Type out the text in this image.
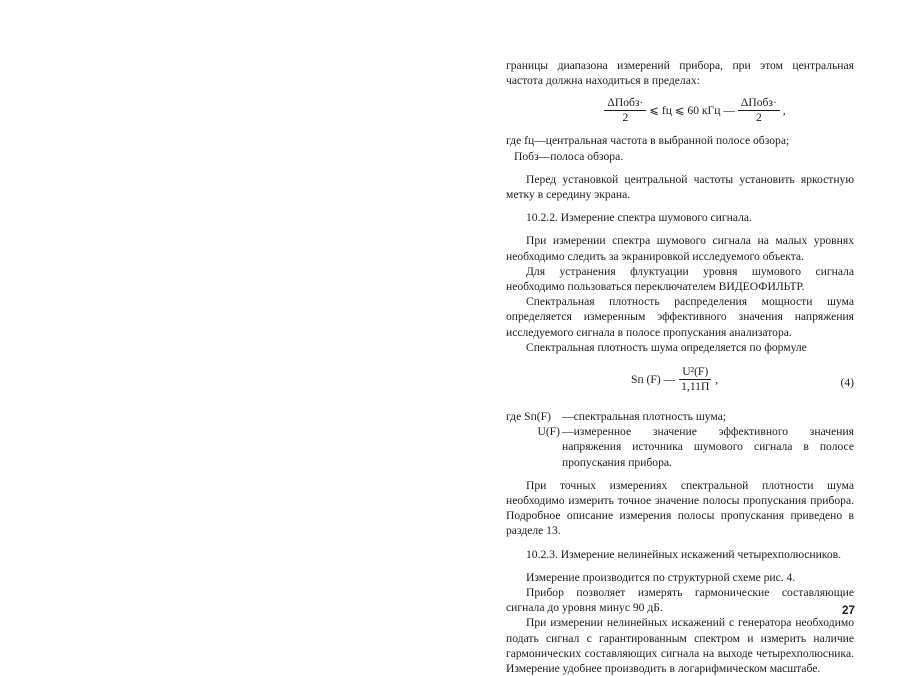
границы диапазона измерений прибора, при этом центральная частота должна находиться в пределах:

$\frac{\text{ΔПобз·}}{2}$ ⩽ fц ⩽ 60 кГц — $\frac{\text{ΔПобз·}}{2}$ ,

где fц—центральная частота в выбранной полосе обзора;

Побз—полоса обзора.

Перед установкой центральной частоты установить яркостную метку в середину экрана.

10.2.2. Измерение спектра шумового сигнала.

При измерении спектра шумового сигнала на малых уровнях необходимо следить за экранировкой исследуемого объекта.

Для устранения флуктуации уровня шумового сигнала необходимо пользоваться переключателем ВИДЕОФИЛЬТР.

Спектральная плотность распределения мощности шума определяется измеренным эффективного значения напряжения исследуемого сигнала в полосе пропускания анализатора.

Спектральная плотность шума определяется по формуле

Sп (F) — $\frac{\text{U²(F)}}{1,11П}$ ,	(4)
где Sп(F) —спектральная плотность шума;
U(F) —измеренное значение эффективного значения напряжения источника шумового сигнала в полосе пропускания прибора.

При точных измерениях спектральной плотности шума необходимо измерить точное значение полосы пропускания прибора. Подробное описание измерения полосы пропускания приведено в разделе 13.

10.2.3. Измерение нелинейных искажений четырехполюсников.

Измерение производится по структурной схеме рис. 4.

Прибор позволяет измерять гармонические составляющие сигнала до уровня минус 90 дБ.

При измерении нелинейных искажений с генератора необходимо подать сигнал с гарантированным спектром и измерить наличие гармонических составляющих сигнала на выходе четырехполюсника. Измерение удобнее производить в логарифмическом масштабе.

27
